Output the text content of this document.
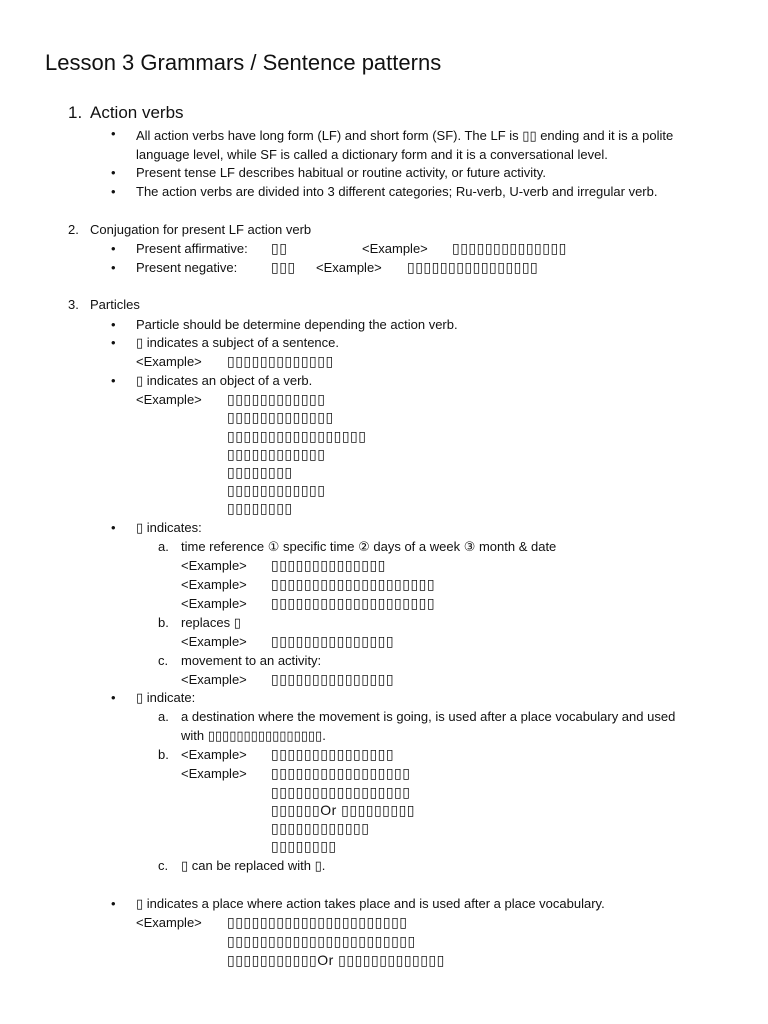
Lesson 3 Grammars / Sentence patterns
1. Action verbs
• All action verbs have long form (LF) and short form (SF). The LF is ▯▯ ending and it is a polite language level, while SF is called a dictionary form and it is a conversational level.
• Present tense LF describes habitual or routine activity, or future activity.
• The action verbs are divided into 3 different categories; Ru-verb, U-verb and irregular verb.
2. Conjugation for present LF action verb
• Present affirmative: ▯▯	<Example> ▯▯▯▯▯▯▯▯▯▯▯▯▯▯
• Present negative: ▯▯▯ <Example> ▯▯▯▯▯▯▯▯▯▯▯▯▯▯▯▯
3. Particles
• Particle should be determine depending the action verb.
• ▯ indicates a subject of a sentence.
<Example> ▯▯▯▯▯▯▯▯▯▯▯▯▯
• ▯ indicates an object of a verb.
<Example> ▯▯▯▯▯▯▯▯▯▯▯▯
▯▯▯▯▯▯▯▯▯▯▯▯▯
▯▯▯▯▯▯▯▯▯▯▯▯▯▯▯▯▯
▯▯▯▯▯▯▯▯▯▯▯▯
▯▯▯▯▯▯▯▯
▯▯▯▯▯▯▯▯▯▯▯▯
▯▯▯▯▯▯▯▯
• ▯ indicates:
a. time reference ① specific time ② days of a week ③ month & date
<Example> ▯▯▯▯▯▯▯▯▯▯▯▯▯▯
<Example> ▯▯▯▯▯▯▯▯▯▯▯▯▯▯▯▯▯▯▯▯
<Example> ▯▯▯▯▯▯▯▯▯▯▯▯▯▯▯▯▯▯▯▯
b. replaces ▯
<Example> ▯▯▯▯▯▯▯▯▯▯▯▯▯▯▯
c. movement to an activity:
<Example> ▯▯▯▯▯▯▯▯▯▯▯▯▯▯▯
• ▯ indicate:
a. a destination where the movement is going, is used after a place vocabulary and used
with ▯▯▯▯▯▯▯▯▯▯▯▯▯▯▯▯.
b. <Example> ▯▯▯▯▯▯▯▯▯▯▯▯▯▯▯
<Example> ▯▯▯▯▯▯▯▯▯▯▯▯▯▯▯▯▯
▯▯▯▯▯▯▯▯▯▯▯▯▯▯▯▯▯
▯▯▯▯▯▯Or ▯▯▯▯▯▯▯▯▯
▯▯▯▯▯▯▯▯▯▯▯▯
▯▯▯▯▯▯▯▯
c. ▯ can be replaced with ▯.
• ▯ indicates a place where action takes place and is used after a place vocabulary.
<Example> ▯▯▯▯▯▯▯▯▯▯▯▯▯▯▯▯▯▯▯▯▯▯
▯▯▯▯▯▯▯▯▯▯▯▯▯▯▯▯▯▯▯▯▯▯▯
▯▯▯▯▯▯▯▯▯▯▯Or ▯▯▯▯▯▯▯▯▯▯▯▯▯
